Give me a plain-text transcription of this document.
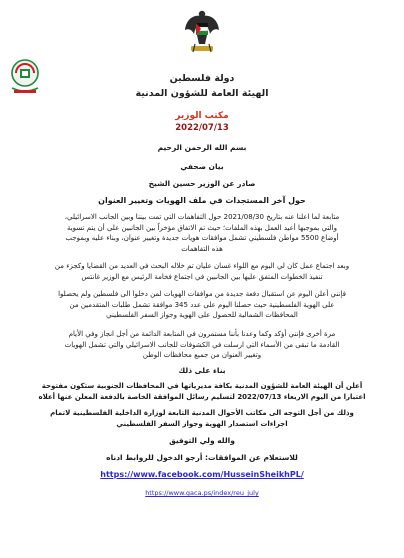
دولة فلسطين
الهيئة العامة للشؤون المدنية
مكتب الوزير
2022/07/13
بسم الله الرحمن الرحيم
بيان صحفي
صادر عن الوزير حسين الشيخ
حول آخر المستجدات في ملف الهويات وتغيير العنوان
متابعة لما اعلنا عنه بتاريخ 2021/08/30 حول التفاهمات التي تمت بيننا وبين الجانب الاسرائيلي،
والتي بموجبها أعيد العمل بهذه الملفات؛ حيث تم الاتفاق مؤخراً بين الجانبين على أن يتم تسوية
أوضاع 5500 مواطن فلسطيني تشمل موافقات هويات جديدة وتغيير عنوان، وبناء عليه وبموجب
هذه التفاهمات
وبعد اجتماع عمل كان لي اليوم مع اللواء غسان عليان تم خلاله البحث في العديد من القضايا وكجزء من
تنفيذ الخطوات المتفق عليها بين الجانبين في اجتماع فخامة الرئيس مع الوزير غانتس
فإنني أعلن اليوم عن استقبال دفعة جديدة من موافقات الهويات لمن دخلوا الى فلسطين ولم يحصلوا
على الهوية الفلسطينية حيث حصلنا اليوم على عدد 345 موافقة تشمل طلبات المتقدمين من
المحافظات الشمالية للحصول على الهوية وجواز السفر الفلسطيني
مرة أخرى فإنني أؤكد وكما وعدنا بأننا مستمرون في المتابعة الدائمة من أجل انجاز وفي الأيام
القادمة ما تبقى من الأسماء التي ارسلت في الكشوفات للجانب الاسرائيلي والتي تشمل الهويات
وتغيير العنوان من جميع محافظات الوطن
بناء على ذلك
أعلن أن الهيئة العامة للشؤون المدنية بكافة مديرياتها في المحافظات الجنوبية ستكون مفتوحة
اعتبارا من اليوم الاربعاء 2022/07/13 لتسليم رسائل الموافقة الخاصة بالدفعة المعلن عنها أعلاه
وذلك من أجل التوجه الى مكاتب الأحوال المدنية التابعة لوزارة الداخلية الفلسطينية لاتمام
اجراءات استصدار الهوية وجواز السفر الفلسطيني
والله ولي التوفيق
للاستعلام عن الموافقات: أرجو الدخول للروابط ادناه
https://www.facebook.com/HusseinSheikhPL/
https://www.gaca.ps/index/reu_july
